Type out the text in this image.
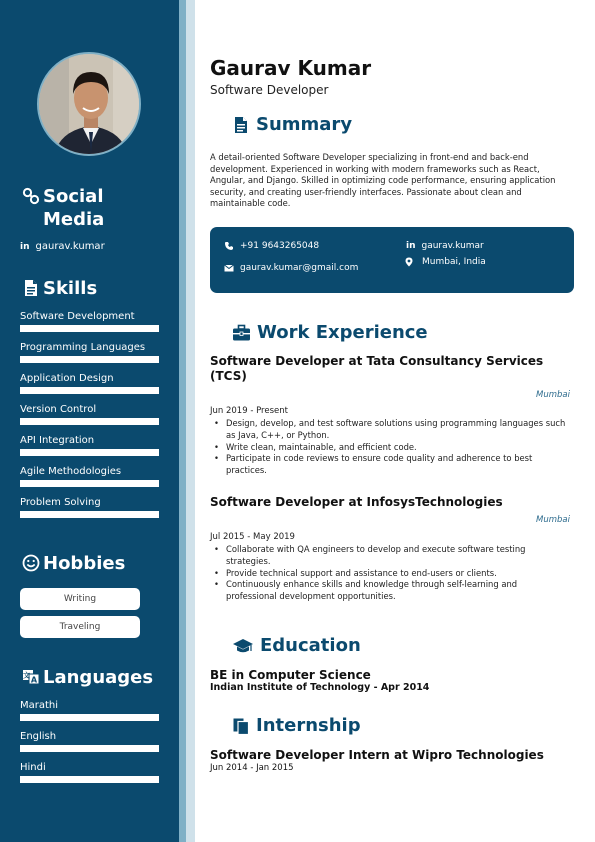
Social Media
in gaurav.kumar
Skills
Software Development
Programming Languages
Application Design
Version Control
API Integration
Agile Methodologies
Problem Solving
Hobbies
Writing
Traveling
A
文 Languages
Marathi
English
Hindi
Gaurav Kumar
Software Developer
Summary
A detail-oriented Software Developer specializing in front-end and back-end development. Experienced in working with modern frameworks such as React, Angular, and Django. Skilled in optimizing code performance, ensuring application security, and creating user-friendly interfaces. Passionate about clean and maintainable code.
+91 9643265048
gaurav.kumar@gmail.com
in gaurav.kumar
Mumbai, India
Work Experience
Software Developer at Tata Consultancy Services (TCS)
Mumbai
Jun 2019 - Present
• Design, develop, and test software solutions using programming languages such as Java, C++, or Python.
• Write clean, maintainable, and efficient code.
• Participate in code reviews to ensure code quality and adherence to best practices.
Software Developer at InfosysTechnologies
Mumbai
Jul 2015 - May 2019
• Collaborate with QA engineers to develop and execute software testing strategies.
• Provide technical support and assistance to end-users or clients.
• Continuously enhance skills and knowledge through self-learning and professional development opportunities.
Education
BE in Computer Science
Indian Institute of Technology - Apr 2014
Internship
Software Developer Intern at Wipro Technologies
Jun 2014 - Jan 2015
